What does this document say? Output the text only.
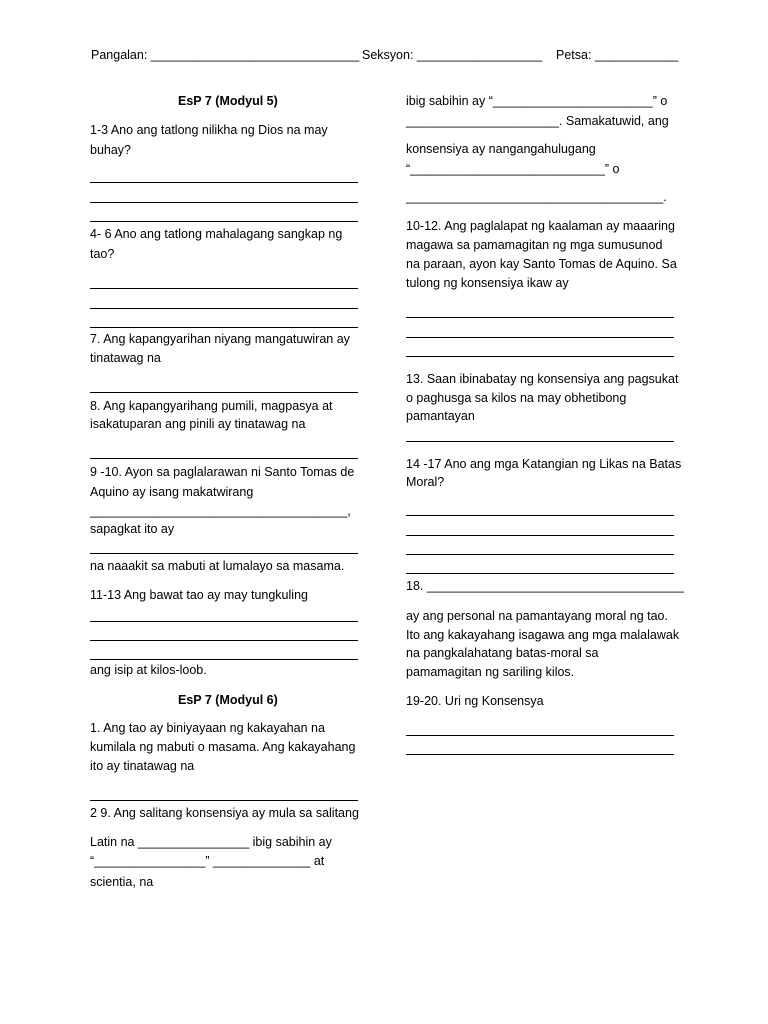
Pangalan: ______________________________ Seksyon: __________________ Petsa: ____________
EsP 7 (Modyul 5)
1-3 Ano ang tatlong nilikha ng Dios na may
buhay?
4- 6 Ano ang tatlong mahalagang sangkap ng
tao?
7. Ang kapangyarihan niyang mangatuwiran ay
tinatawag na
8. Ang kapangyarihang pumili, magpasya at
isakatuparan ang pinili ay tinatawag na
9 -10. Ayon sa paglalarawan ni Santo Tomas de
Aquino ay isang makatwirang
_____________________________________,
sapagkat ito ay
na naaakit sa mabuti at lumalayo sa masama.
11-13 Ang bawat tao ay may tungkuling
ang isip at kilos-loob.
EsP 7 (Modyul 6)
1. Ang tao ay biniyayaan ng kakayahan na
kumilala ng mabuti o masama. Ang kakayahang
ito ay tinatawag na
2 9. Ang salitang konsensiya ay mula sa salitang
Latin na ________________ ibig sabihin ay
“________________” ______________ at
scientia, na
ibig sabihin ay “_______________________” o
______________________. Samakatuwid, ang
konsensiya ay nangangahulugang
“____________________________” o
_____________________________________.
10-12. Ang paglalapat ng kaalaman ay maaaring
magawa sa pamamagitan ng mga sumusunod
na paraan, ayon kay Santo Tomas de Aquino. Sa
tulong ng konsensiya ikaw ay
13. Saan ibinabatay ng konsensiya ang pagsukat
o paghusga sa kilos na may obhetibong
pamantayan
14 -17 Ano ang mga Katangian ng Likas na Batas
Moral?
18. _____________________________________
ay ang personal na pamantayang moral ng tao.
Ito ang kakayahang isagawa ang mga malalawak
na pangkalahatang batas-moral sa
pamamagitan ng sariling kilos.
19-20. Uri ng Konsensya
